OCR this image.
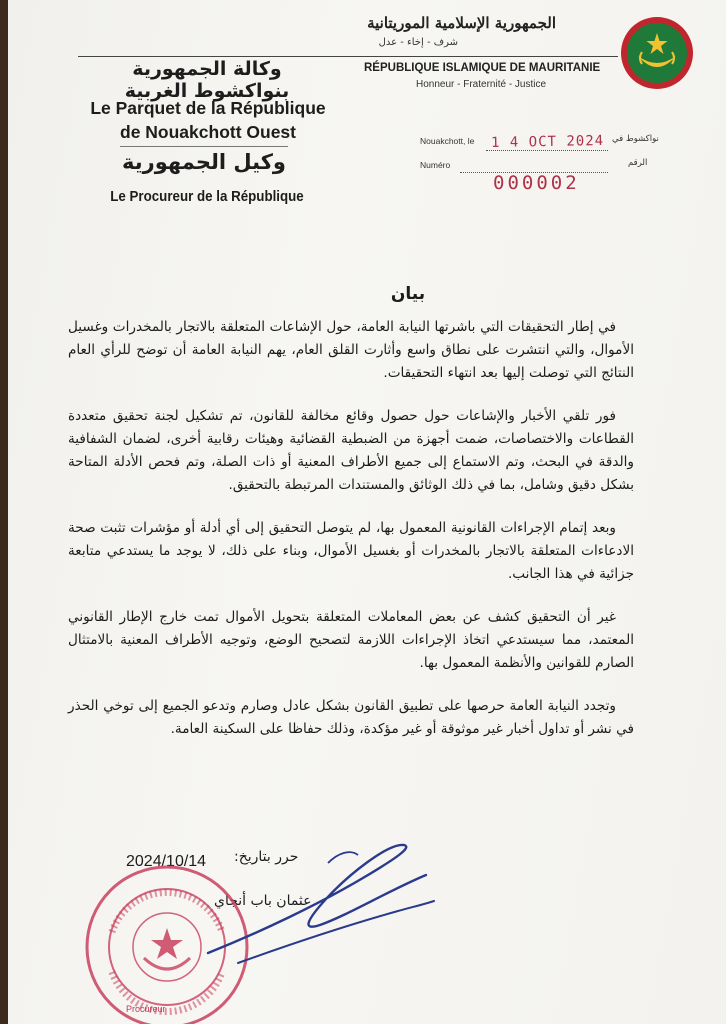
الجمهورية الإسلامية الموريتانية
شرف - إخاء - عدل
RÉPUBLIQUE ISLAMIQUE DE MAURITANIE
Honneur - Fraternité - Justice
وكالة الجمهورية بنواكشوط الغربية
Le Parquet de la République
de Nouakchott Ouest
وكيل الجمهورية
Le Procureur de la République
Nouakchott, le	نواكشوط في
1 4 OCT 2024
Numéro	الرقم
000002
بيان

في إطار التحقيقات التي باشرتها النيابة العامة، حول الإشاعات المتعلقة بالاتجار بالمخدرات وغسيل الأموال، والتي انتشرت على نطاق واسع وأثارت القلق العام، يهم النيابة العامة أن توضح للرأي العام النتائج التي توصلت إليها بعد انتهاء التحقيقات.

فور تلقي الأخبار والإشاعات حول حصول وقائع مخالفة للقانون، تم تشكيل لجنة تحقيق متعددة القطاعات والاختصاصات، ضمت أجهزة من الضبطية القضائية وهيئات رقابية أخرى، لضمان الشفافية والدقة في البحث، وتم الاستماع إلى جميع الأطراف المعنية أو ذات الصلة، وتم فحص الأدلة المتاحة بشكل دقيق وشامل، بما في ذلك الوثائق والمستندات المرتبطة بالتحقيق.

وبعد إتمام الإجراءات القانونية المعمول بها، لم يتوصل التحقيق إلى أي أدلة أو مؤشرات تثبت صحة الادعاءات المتعلقة بالاتجار بالمخدرات أو بغسيل الأموال، وبناء على ذلك، لا يوجد ما يستدعي متابعة جزائية في هذا الجانب.

غير أن التحقيق كشف عن بعض المعاملات المتعلقة بتحويل الأموال تمت خارج الإطار القانوني المعتمد، مما سيستدعي اتخاذ الإجراءات اللازمة لتصحيح الوضع، وتوجيه الأطراف المعنية بالامتثال الصارم للقوانين والأنظمة المعمول بها.

وتجدد النيابة العامة حرصها على تطبيق القانون بشكل عادل وصارم وتدعو الجميع إلى توخي الحذر في نشر أو تداول أخبار غير موثوقة أو غير مؤكدة، وذلك حفاظا على السكينة العامة.

حرر بتاريخ:
2024/10/14
عثمان باب أنجاي
Procureur
